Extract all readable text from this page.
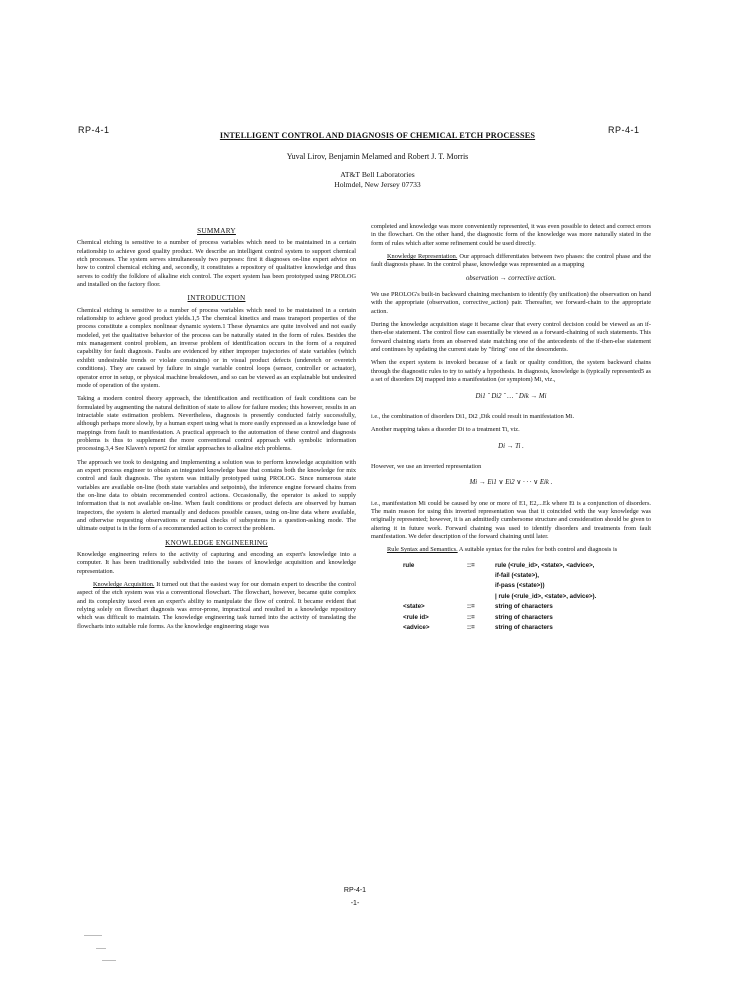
RP-4-1	RP-4-1
INTELLIGENT CONTROL AND DIAGNOSIS OF CHEMICAL ETCH PROCESSES
Yuval Lirov, Benjamin Melamed and Robert J. T. Morris
AT&T Bell Laboratories
Holmdel, New Jersey 07733
SUMMARY

Chemical etching is sensitive to a number of process variables which need to be maintained in a certain relationship to achieve good quality product. We describe an intelligent control system to support chemical etch processes. The system serves simultaneously two purposes: first it diagnoses on-line expert advice on how to control chemical etching and, secondly, it constitutes a repository of qualitative knowledge and thus serves to codify the folklore of alkaline etch control. The expert system has been prototyped using PROLOG and installed on the factory floor.

INTRODUCTION

Chemical etching is sensitive to a number of process variables which need to be maintained in a certain relationship to achieve good product yields.1,5 The chemical kinetics and mass transport properties of the process constitute a complex nonlinear dynamic system.1 These dynamics are quite involved and not easily modeled, yet the qualitative behavior of the process can be naturally stated in the form of rules. Besides the mix management control problem, an inverse problem of identification occurs in the form of a required capability for fault diagnosis. Faults are evidenced by either improper trajectories of state variables (which exhibit undesirable trends or violate constraints) or in visual product defects (underetch or overetch conditions). They are caused by failure in single variable control loops (sensor, controller or actuator), operator error in setup, or physical machine breakdown, and so can be viewed as an explainable but undesired mode of operation of the system.

Taking a modern control theory approach, the identification and rectification of fault conditions can be formulated by augmenting the natural definition of state to allow for failure modes; this however, results in an intractable state estimation problem. Nevertheless, diagnosis is presently conducted fairly successfully, although perhaps more slowly, by a human expert using what is more easily expressed as a knowledge base of mappings from fault to manifestation. A practical approach to the automation of these control and diagnosis problems is thus to supplement the more conventional control approach with symbolic information processing.3,4 See Klaven's report2 for similar approaches to alkaline etch problems.

The approach we took to designing and implementing a solution was to perform knowledge acquisition with an expert process engineer to obtain an integrated knowledge base that contains both the knowledge for mix control and fault diagnosis. The system was initially prototyped using PROLOG. Since numerous state variables are available on-line (both state variables and setpoints), the inference engine forward chains from the on-line data to obtain recommended control actions. Occasionally, the operator is asked to supply information that is not available on-line. When fault conditions or product defects are observed by human inspectors, the system is alerted manually and deduces possible causes, using on-line data where available, and otherwise requesting observations or manual checks of subsystems in a question-asking mode. The ultimate output is in the form of a recommended action to correct the problem.

KNOWLEDGE ENGINEERING

Knowledge engineering refers to the activity of capturing and encoding an expert's knowledge into a computer. It has been traditionally subdivided into the issues of knowledge acquisition and knowledge representation.

Knowledge Acquisition. It turned out that the easiest way for our domain expert to describe the control aspect of the etch system was via a conventional flowchart. The flowchart, however, became quite complex and its complexity taxed even an expert's ability to manipulate the flow of control. It became evident that relying solely on flowchart diagnosis was error-prone, impractical and resulted in a knowledge repository which was difficult to maintain. The knowledge engineering task turned into the activity of translating the flowcharts into suitable rule forms. As the knowledge engineering stage was

completed and knowledge was more conveniently represented, it was even possible to detect and correct errors in the flowchart. On the other hand, the diagnostic form of the knowledge was more naturally stated in the form of rules which after some refinement could be used directly.

Knowledge Representation. Our approach differentiates between two phases: the control phase and the fault diagnosis phase. In the control phase, knowledge was represented as a mapping

observation → corrective action.

We use PROLOG's built-in backward chaining mechanism to identify (by unification) the observation on hand with the appropriate (observation, corrective_action) pair. Thereafter, we forward-chain to the appropriate action.

During the knowledge acquisition stage it became clear that every control decision could be viewed as an if-then-else statement. The control flow can essentially be viewed as a forward-chaining of such statements. This forward chaining starts from an observed state matching one of the antecedents of the if-then-else statement and continues by updating the current state by "firing" one of the descendents.

When the expert system is invoked because of a fault or quality condition, the system backward chains through the diagnostic rules to try to satisfy a hypothesis. In diagnosis, knowledge is (typically represented5 as a set of disorders Dij mapped into a manifestation (or symptom) Mi, viz.,

Di1 ˆ Di2 ˆ … ˆ Dik → Mi

i.e., the combination of disorders Di1, Di2 ,Dik could result in manifestation Mi.

Another mapping takes a disorder Di to a treatment Ti, viz.

Di → Ti .

However, we use an inverted representation

Mi → Ei1 ∨ Ei2 ∨ · · · ∨ Eik .

i.e., manifestation Mi could be caused by one or more of E1, E2,...Ek where Ei is a conjunction of disorders. The main reason for using this inverted representation was that it coincided with the way knowledge was originally represented; however, it is an admittedly cumbersome structure and consideration should be given to altering it in future work. Forward chaining was used to identify disorders and treatments from fault manifestation. We defer description of the forward chaining until later.

Rule Syntax and Semantics. A suitable syntax for the rules for both control and diagnosis is

rule	::=	rule (<rule_id>, <state>, <advice>,
		if-fail (<state>),
		if-pass (<state>))
		| rule (<rule_id>, <state>, advice>).
<state>	::=	string of characters
<rule id>	::=	string of characters
<advice>	::=	string of characters
RP-4-1
-1-
